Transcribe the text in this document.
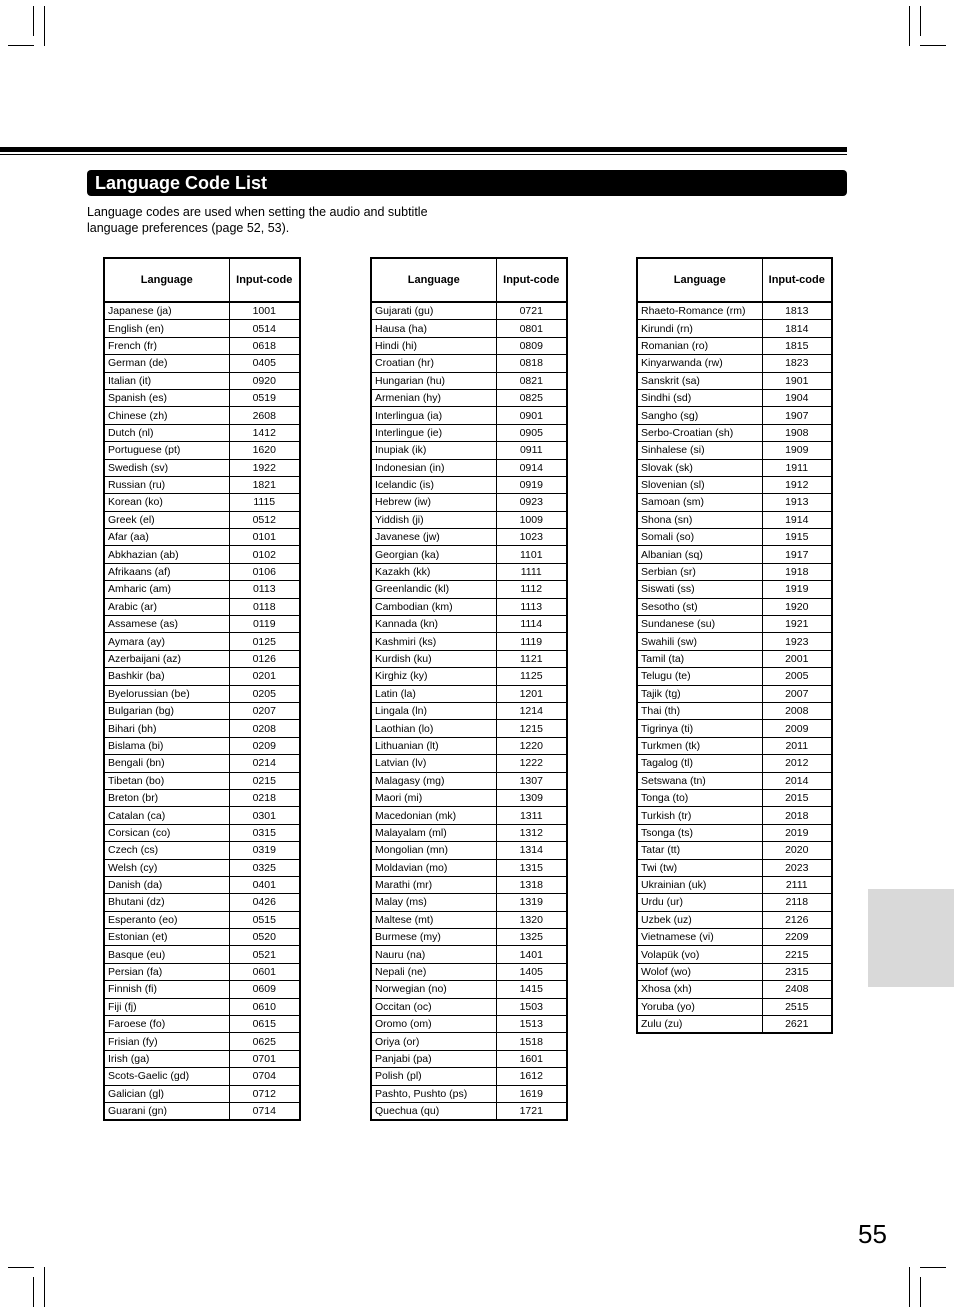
Language Code List

Language codes are used when setting the audio and subtitle

language preferences (page 52, 53).

Language	Input-code
Japanese (ja)	1001
English (en)	0514
French (fr)	0618
German (de)	0405
Italian (it)	0920
Spanish (es)	0519
Chinese (zh)	2608
Dutch (nl)	1412
Portuguese (pt)	1620
Swedish (sv)	1922
Russian (ru)	1821
Korean (ko)	1115
Greek (el)	0512
Afar (aa)	0101
Abkhazian (ab)	0102
Afrikaans (af)	0106
Amharic (am)	0113
Arabic (ar)	0118
Assamese (as)	0119
Aymara (ay)	0125
Azerbaijani (az)	0126
Bashkir (ba)	0201
Byelorussian (be)	0205
Bulgarian (bg)	0207
Bihari (bh)	0208
Bislama (bi)	0209
Bengali (bn)	0214
Tibetan (bo)	0215
Breton (br)	0218
Catalan (ca)	0301
Corsican (co)	0315
Czech (cs)	0319
Welsh (cy)	0325
Danish (da)	0401
Bhutani (dz)	0426
Esperanto (eo)	0515
Estonian (et)	0520
Basque (eu)	0521
Persian (fa)	0601
Finnish (fi)	0609
Fiji (fj)	0610
Faroese (fo)	0615
Frisian (fy)	0625
Irish (ga)	0701
Scots-Gaelic (gd)	0704
Galician (gl)	0712
Guarani (gn)	0714
Language	Input-code
Gujarati (gu)	0721
Hausa (ha)	0801
Hindi (hi)	0809
Croatian (hr)	0818
Hungarian (hu)	0821
Armenian (hy)	0825
Interlingua (ia)	0901
Interlingue (ie)	0905
Inupiak (ik)	0911
Indonesian (in)	0914
Icelandic (is)	0919
Hebrew (iw)	0923
Yiddish (ji)	1009
Javanese (jw)	1023
Georgian (ka)	1101
Kazakh (kk)	1111
Greenlandic (kl)	1112
Cambodian (km)	1113
Kannada (kn)	1114
Kashmiri (ks)	1119
Kurdish (ku)	1121
Kirghiz (ky)	1125
Latin (la)	1201
Lingala (ln)	1214
Laothian (lo)	1215
Lithuanian (lt)	1220
Latvian (lv)	1222
Malagasy (mg)	1307
Maori (mi)	1309
Macedonian (mk)	1311
Malayalam (ml)	1312
Mongolian (mn)	1314
Moldavian (mo)	1315
Marathi (mr)	1318
Malay (ms)	1319
Maltese (mt)	1320
Burmese (my)	1325
Nauru (na)	1401
Nepali (ne)	1405
Norwegian (no)	1415
Occitan (oc)	1503
Oromo (om)	1513
Oriya (or)	1518
Panjabi (pa)	1601
Polish (pl)	1612
Pashto, Pushto (ps)	1619
Quechua (qu)	1721
Language	Input-code
Rhaeto-Romance (rm)	1813
Kirundi (rn)	1814
Romanian (ro)	1815
Kinyarwanda (rw)	1823
Sanskrit (sa)	1901
Sindhi (sd)	1904
Sangho (sg)	1907
Serbo-Croatian (sh)	1908
Sinhalese (si)	1909
Slovak (sk)	1911
Slovenian (sl)	1912
Samoan (sm)	1913
Shona (sn)	1914
Somali (so)	1915
Albanian (sq)	1917
Serbian (sr)	1918
Siswati (ss)	1919
Sesotho (st)	1920
Sundanese (su)	1921
Swahili (sw)	1923
Tamil (ta)	2001
Telugu (te)	2005
Tajik (tg)	2007
Thai (th)	2008
Tigrinya (ti)	2009
Turkmen (tk)	2011
Tagalog (tl)	2012
Setswana (tn)	2014
Tonga (to)	2015
Turkish (tr)	2018
Tsonga (ts)	2019
Tatar (tt)	2020
Twi (tw)	2023
Ukrainian (uk)	2111
Urdu (ur)	2118
Uzbek (uz)	2126
Vietnamese (vi)	2209
Volapük (vo)	2215
Wolof (wo)	2315
Xhosa (xh)	2408
Yoruba (yo)	2515
Zulu (zu)	2621
55
